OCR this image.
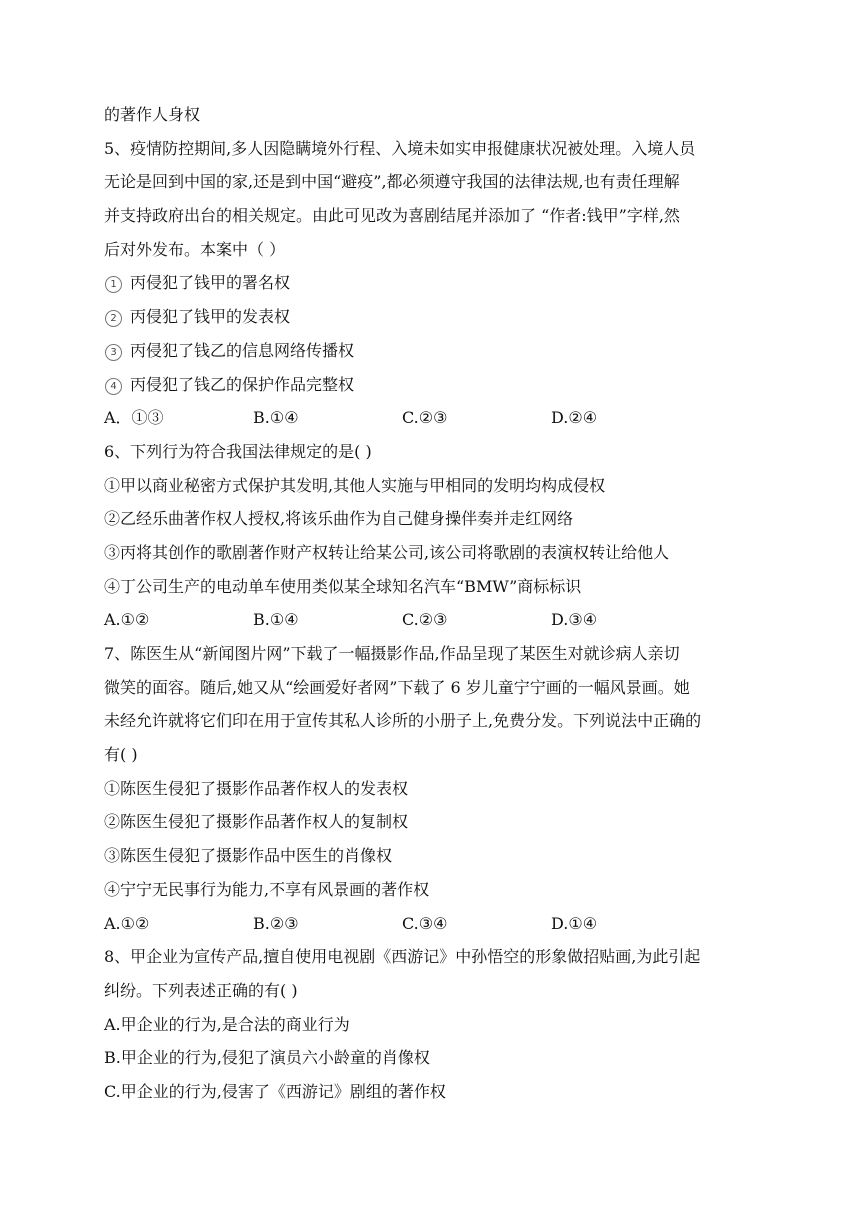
的著作人身权
5、疫情防控期间,多人因隐瞒境外行程、入境未如实申报健康状况被处理。入境人员
无论是回到中国的家,还是到中国“避疫”,都必须遵守我国的法律法规,也有责任理解
并支持政府出台的相关规定。由此可见改为喜剧结尾并添加了 “作者:钱甲”字样,然
后对外发布。本案中（ ）
1 丙侵犯了钱甲的署名权
2 丙侵犯了钱甲的发表权
3 丙侵犯了钱乙的信息网络传播权
4 丙侵犯了钱乙的保护作品完整权
A．①③	B.①④	C.②③	D.②④
6、下列行为符合我国法律规定的是( )
①甲以商业秘密方式保护其发明,其他人实施与甲相同的发明均构成侵权
②乙经乐曲著作权人授权,将该乐曲作为自己健身操伴奏并走红网络
③丙将其创作的歌剧著作财产权转让给某公司,该公司将歌剧的表演权转让给他人
④丁公司生产的电动单车使用类似某全球知名汽车“BMW”商标标识
A.①②	B.①④	C.②③	D.③④
7、陈医生从“新闻图片网”下载了一幅摄影作品,作品呈现了某医生对就诊病人亲切
微笑的面容。随后,她又从“绘画爱好者网”下载了 6 岁儿童宁宁画的一幅风景画。她
未经允许就将它们印在用于宣传其私人诊所的小册子上,免费分发。下列说法中正确的
有( )
①陈医生侵犯了摄影作品著作权人的发表权
②陈医生侵犯了摄影作品著作权人的复制权
③陈医生侵犯了摄影作品中医生的肖像权
④宁宁无民事行为能力,不享有风景画的著作权
A.①②	B.②③	C.③④	D.①④
8、甲企业为宣传产品,擅自使用电视剧《西游记》中孙悟空的形象做招贴画,为此引起
纠纷。下列表述正确的有( )
A.甲企业的行为,是合法的商业行为
B.甲企业的行为,侵犯了演员六小龄童的肖像权
C.甲企业的行为,侵害了《西游记》剧组的著作权
